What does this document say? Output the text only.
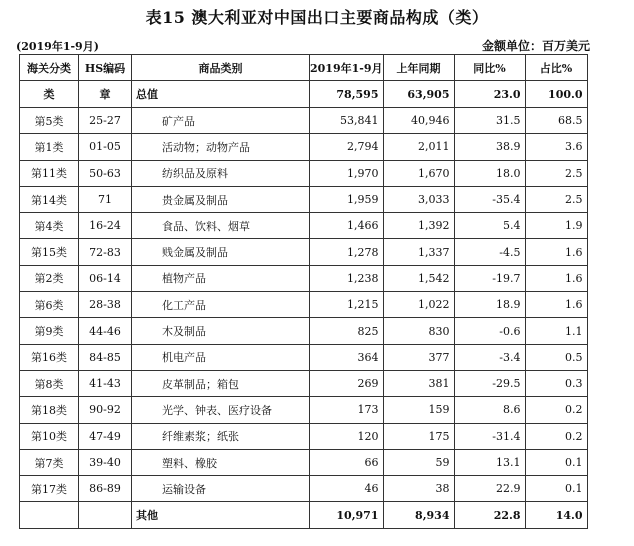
表15 澳大利亚对中国出口主要商品构成（类）
(2019年1-9月)	金额单位：百万美元
海关分类	HS编码	商品类别	2019年1-9月	上年同期	同比%	占比%
类	章	总值	78,595	63,905	23.0	100.0
第5类	25-27	矿产品	53,841	40,946	31.5	68.5
第1类	01-05	活动物；动物产品	2,794	2,011	38.9	3.6
第11类	50-63	纺织品及原料	1,970	1,670	18.0	2.5
第14类	71	贵金属及制品	1,959	3,033	-35.4	2.5
第4类	16-24	食品、饮料、烟草	1,466	1,392	5.4	1.9
第15类	72-83	贱金属及制品	1,278	1,337	-4.5	1.6
第2类	06-14	植物产品	1,238	1,542	-19.7	1.6
第6类	28-38	化工产品	1,215	1,022	18.9	1.6
第9类	44-46	木及制品	825	830	-0.6	1.1
第16类	84-85	机电产品	364	377	-3.4	0.5
第8类	41-43	皮革制品；箱包	269	381	-29.5	0.3
第18类	90-92	光学、钟表、医疗设备	173	159	8.6	0.2
第10类	47-49	纤维素浆；纸张	120	175	-31.4	0.2
第7类	39-40	塑料、橡胶	66	59	13.1	0.1
第17类	86-89	运输设备	46	38	22.9	0.1
		其他	10,971	8,934	22.8	14.0
